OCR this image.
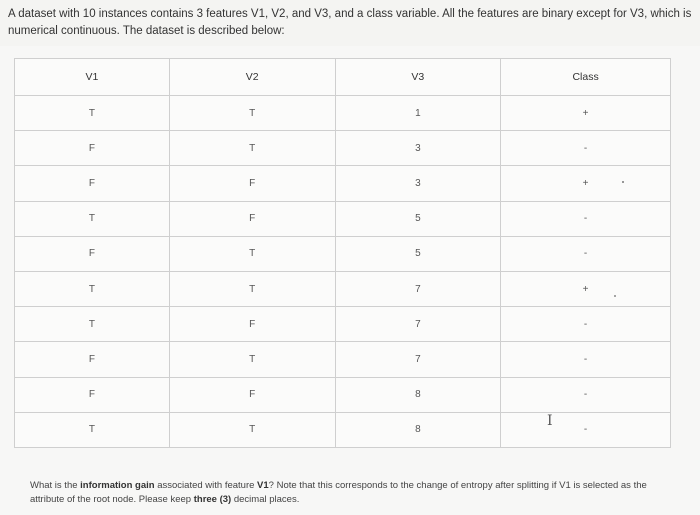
A dataset with 10 instances contains 3 features V1, V2, and V3, and a class variable. All the features are binary except for V3, which is numerical continuous. The dataset is described below:
V1	V2	V3	Class
T	T	1	+
F	T	3	-
F	F	3	+
T	F	5	-
F	T	5	-
T	T	7	+
T	F	7	-
F	T	7	-
F	F	8	-
T	T	8	-
I
What is the information gain associated with feature V1? Note that this corresponds to the change of entropy after splitting if V1 is selected as the attribute of the root node. Please keep three (3) decimal places.
